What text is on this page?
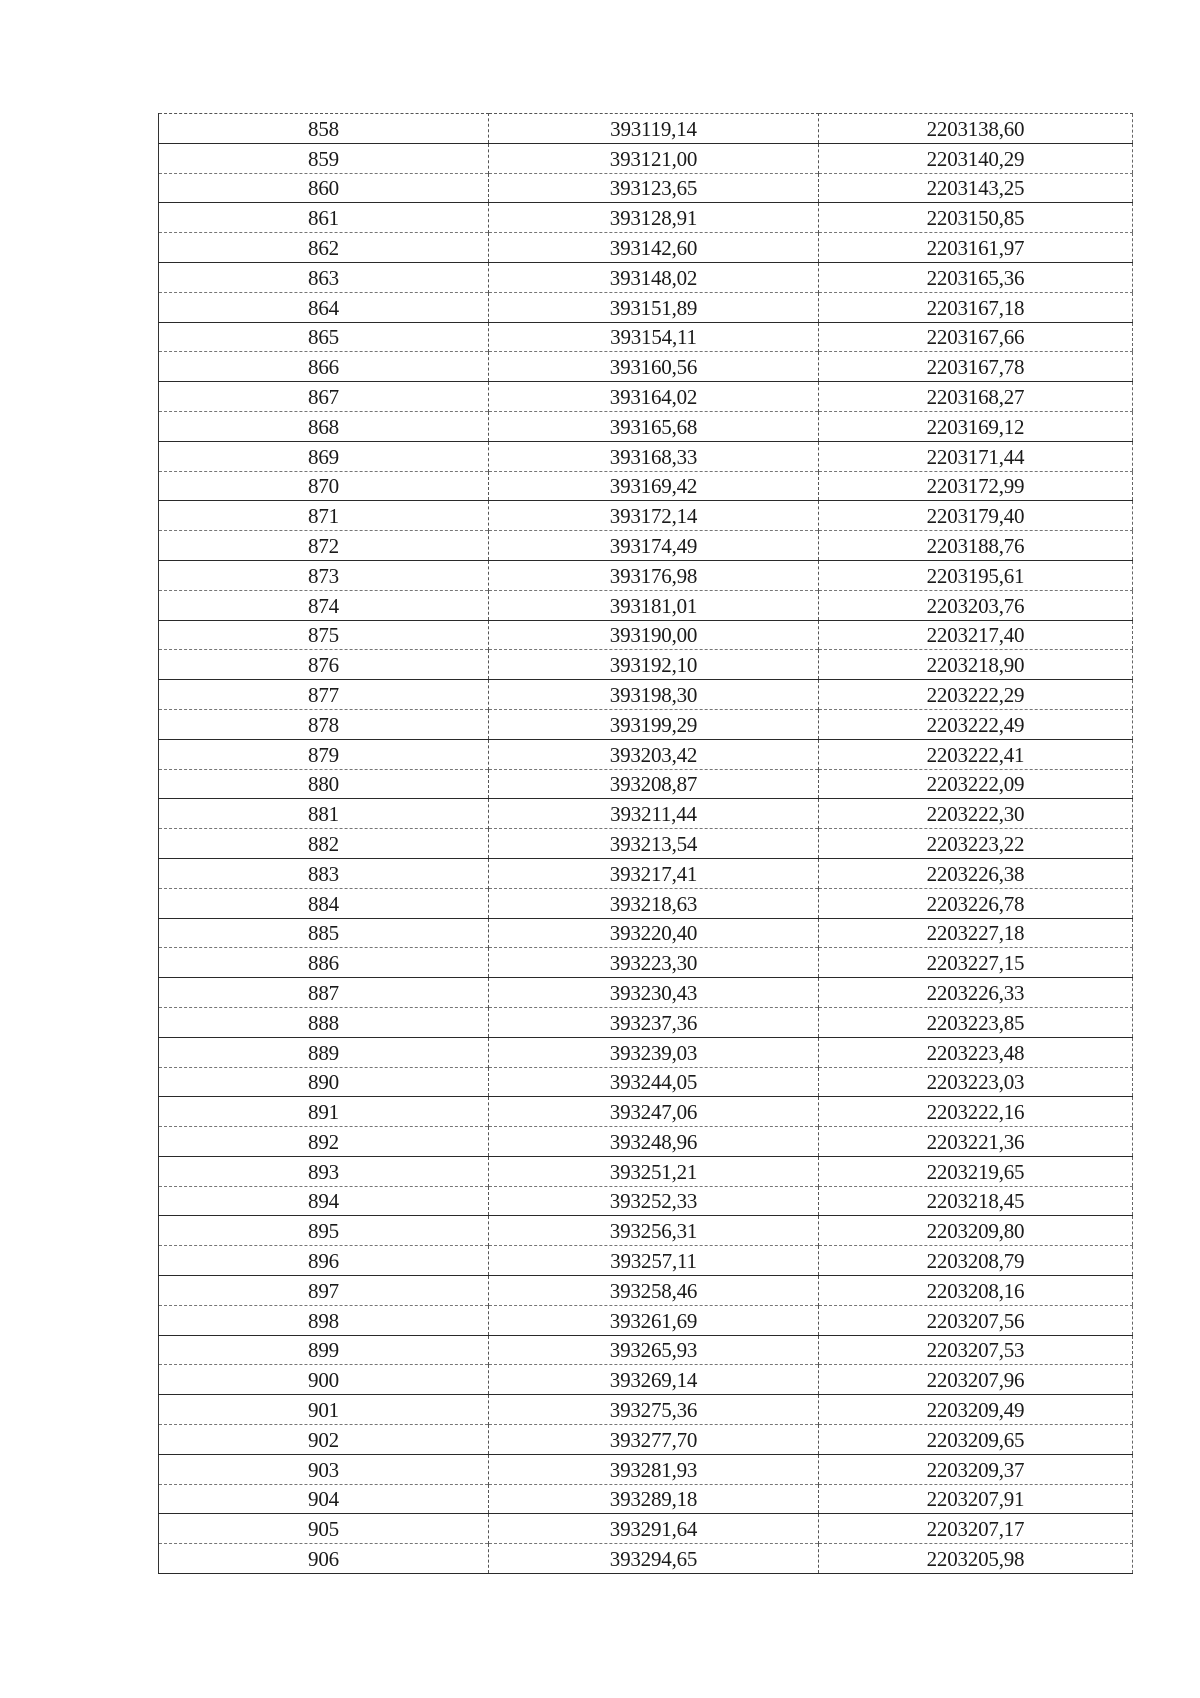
858	393119,14	2203138,60
859	393121,00	2203140,29
860	393123,65	2203143,25
861	393128,91	2203150,85
862	393142,60	2203161,97
863	393148,02	2203165,36
864	393151,89	2203167,18
865	393154,11	2203167,66
866	393160,56	2203167,78
867	393164,02	2203168,27
868	393165,68	2203169,12
869	393168,33	2203171,44
870	393169,42	2203172,99
871	393172,14	2203179,40
872	393174,49	2203188,76
873	393176,98	2203195,61
874	393181,01	2203203,76
875	393190,00	2203217,40
876	393192,10	2203218,90
877	393198,30	2203222,29
878	393199,29	2203222,49
879	393203,42	2203222,41
880	393208,87	2203222,09
881	393211,44	2203222,30
882	393213,54	2203223,22
883	393217,41	2203226,38
884	393218,63	2203226,78
885	393220,40	2203227,18
886	393223,30	2203227,15
887	393230,43	2203226,33
888	393237,36	2203223,85
889	393239,03	2203223,48
890	393244,05	2203223,03
891	393247,06	2203222,16
892	393248,96	2203221,36
893	393251,21	2203219,65
894	393252,33	2203218,45
895	393256,31	2203209,80
896	393257,11	2203208,79
897	393258,46	2203208,16
898	393261,69	2203207,56
899	393265,93	2203207,53
900	393269,14	2203207,96
901	393275,36	2203209,49
902	393277,70	2203209,65
903	393281,93	2203209,37
904	393289,18	2203207,91
905	393291,64	2203207,17
906	393294,65	2203205,98
